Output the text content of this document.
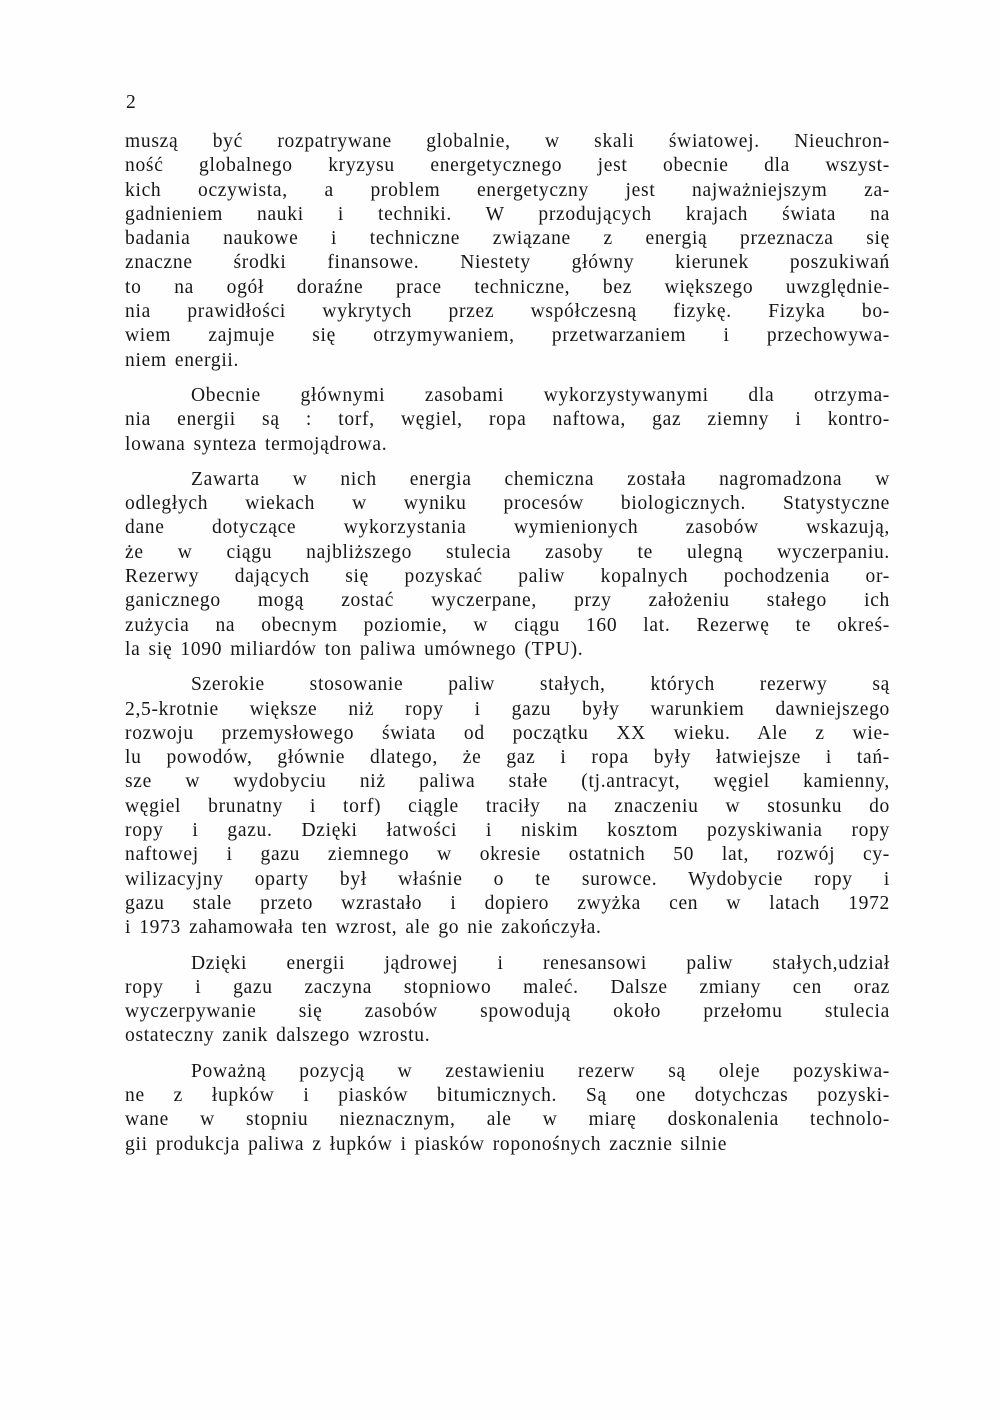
2
muszą być rozpatrywane globalnie, w skali światowej. Nieuchron-
ność globalnego kryzysu energetycznego jest obecnie dla wszyst-
kich oczywista, a problem energetyczny jest najważniejszym za-
gadnieniem nauki i techniki. W przodujących krajach świata na
badania naukowe i techniczne związane z energią przeznacza się
znaczne środki finansowe. Niestety główny kierunek poszukiwań
to na ogół doraźne prace techniczne, bez większego uwzględnie-
nia prawidłości wykrytych przez współczesną fizykę. Fizyka bo-
wiem zajmuje się otrzymywaniem, przetwarzaniem i przechowywa-
niem energii.
Obecnie głównymi zasobami wykorzystywanymi dla otrzyma-
nia energii są : torf, węgiel, ropa naftowa, gaz ziemny i kontro-
lowana synteza termojądrowa.
Zawarta w nich energia chemiczna została nagromadzona w
odległych wiekach w wyniku procesów biologicznych. Statystyczne
dane dotyczące wykorzystania wymienionych zasobów wskazują,
że w ciągu najbliższego stulecia zasoby te ulegną wyczerpaniu.
Rezerwy dających się pozyskać paliw kopalnych pochodzenia or-
ganicznego mogą zostać wyczerpane, przy założeniu stałego ich
zużycia na obecnym poziomie, w ciągu 160 lat. Rezerwę te okreś-
la się 1090 miliardów ton paliwa umównego (TPU).
Szerokie stosowanie paliw stałych, których rezerwy są
2,5-krotnie większe niż ropy i gazu były warunkiem dawniejszego
rozwoju przemysłowego świata od początku XX wieku. Ale z wie-
lu powodów, głównie dlatego, że gaz i ropa były łatwiejsze i tań-
sze w wydobyciu niż paliwa stałe (tj.antracyt, węgiel kamienny,
węgiel brunatny i torf) ciągle traciły na znaczeniu w stosunku do
ropy i gazu. Dzięki łatwości i niskim kosztom pozyskiwania ropy
naftowej i gazu ziemnego w okresie ostatnich 50 lat, rozwój cy-
wilizacyjny oparty był właśnie o te surowce. Wydobycie ropy i
gazu stale przeto wzrastało i dopiero zwyżka cen w latach 1972
i 1973 zahamowała ten wzrost, ale go nie zakończyła.
Dzięki energii jądrowej i renesansowi paliw stałych,udział
ropy i gazu zaczyna stopniowo maleć. Dalsze zmiany cen oraz
wyczerpywanie się zasobów spowodują około przełomu stulecia
ostateczny zanik dalszego wzrostu.
Poważną pozycją w zestawieniu rezerw są oleje pozyskiwa-
ne z łupków i piasków bitumicznych. Są one dotychczas pozyski-
wane w stopniu nieznacznym, ale w miarę doskonalenia technolo-
gii produkcja paliwa z łupków i piasków roponośnych zacznie silnie
